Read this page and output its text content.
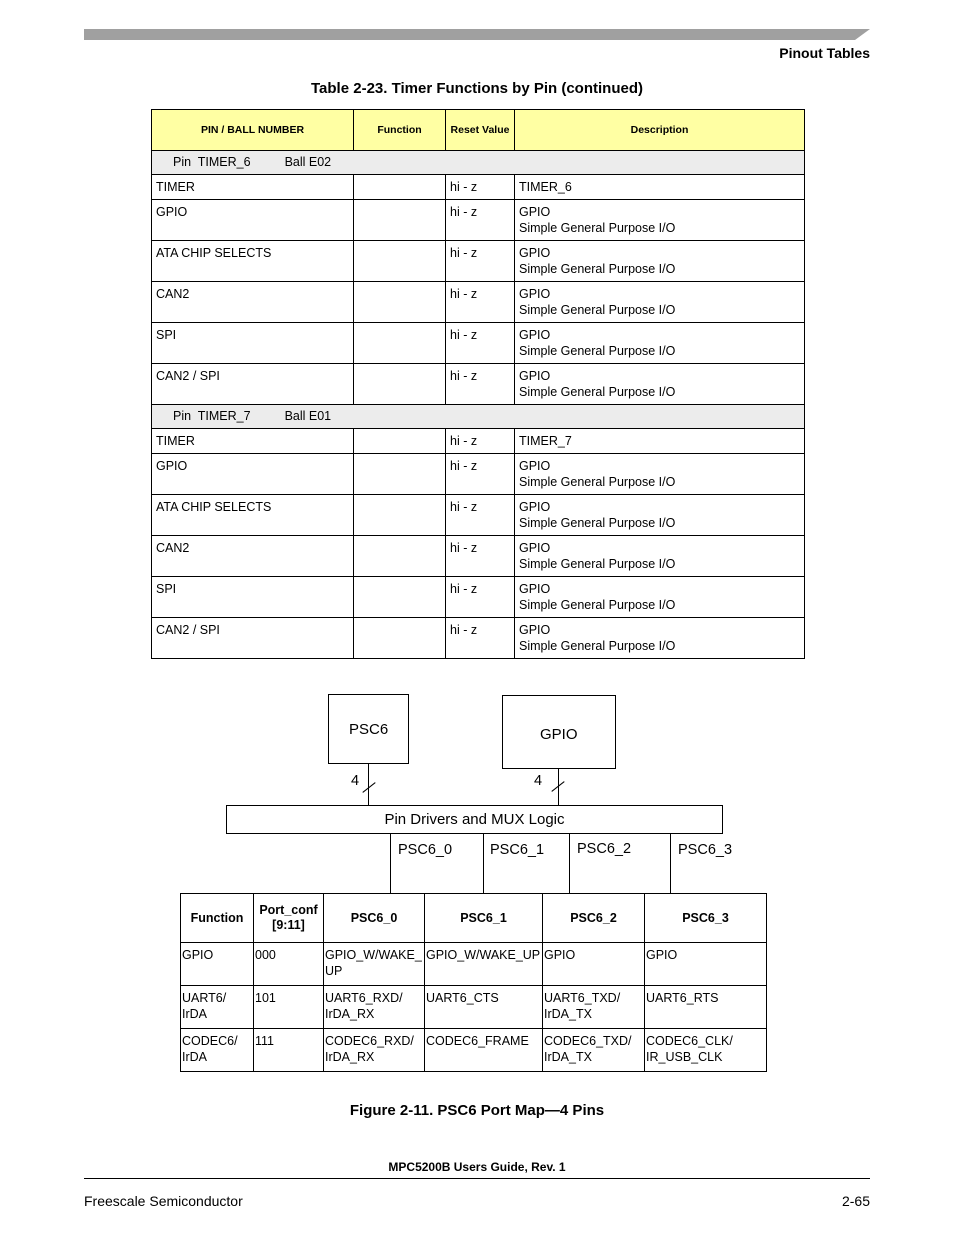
Pinout Tables
Table 2-23. Timer Functions by Pin (continued)
PIN / BALL NUMBER	Function	Reset Value	Description
Pin  TIMER_6 Ball E02			
TIMER		hi - z	TIMER_6

GPIO		hi - z	GPIO
Simple General Purpose I/O

ATA CHIP SELECTS		hi - z	GPIO
Simple General Purpose I/O

CAN2		hi - z	GPIO
Simple General Purpose I/O

SPI		hi - z	GPIO
Simple General Purpose I/O

CAN2 / SPI		hi - z	GPIO
Simple General Purpose I/O

Pin  TIMER_7 Ball E01			
TIMER		hi - z	TIMER_7

GPIO		hi - z	GPIO
Simple General Purpose I/O

ATA CHIP SELECTS		hi - z	GPIO
Simple General Purpose I/O

CAN2		hi - z	GPIO
Simple General Purpose I/O

SPI		hi - z	GPIO
Simple General Purpose I/O

CAN2 / SPI		hi - z	GPIO
Simple General Purpose I/O
PSC6	GPIO
4	4
Pin Drivers and MUX Logic
PSC6_0	PSC6_1 PSC6_2	PSC6_3
Function	Port_conf [9:11]	PSC6_0	PSC6_1	PSC6_2	PSC6_3
GPIO	000	GPIO_W/WAKE_ UP	GPIO_W/WAKE_UP	GPIO	GPIO
UART6/ IrDA	101	UART6_RXD/ IrDA_RX	UART6_CTS	UART6_TXD/ IrDA_TX	UART6_RTS
CODEC6/ IrDA	111	CODEC6_RXD/ IrDA_RX	CODEC6_FRAME	CODEC6_TXD/ IrDA_TX	CODEC6_CLK/ IR_USB_CLK
Figure 2-11. PSC6 Port Map—4 Pins
MPC5200B Users Guide, Rev. 1
Freescale Semiconductor	2-65
